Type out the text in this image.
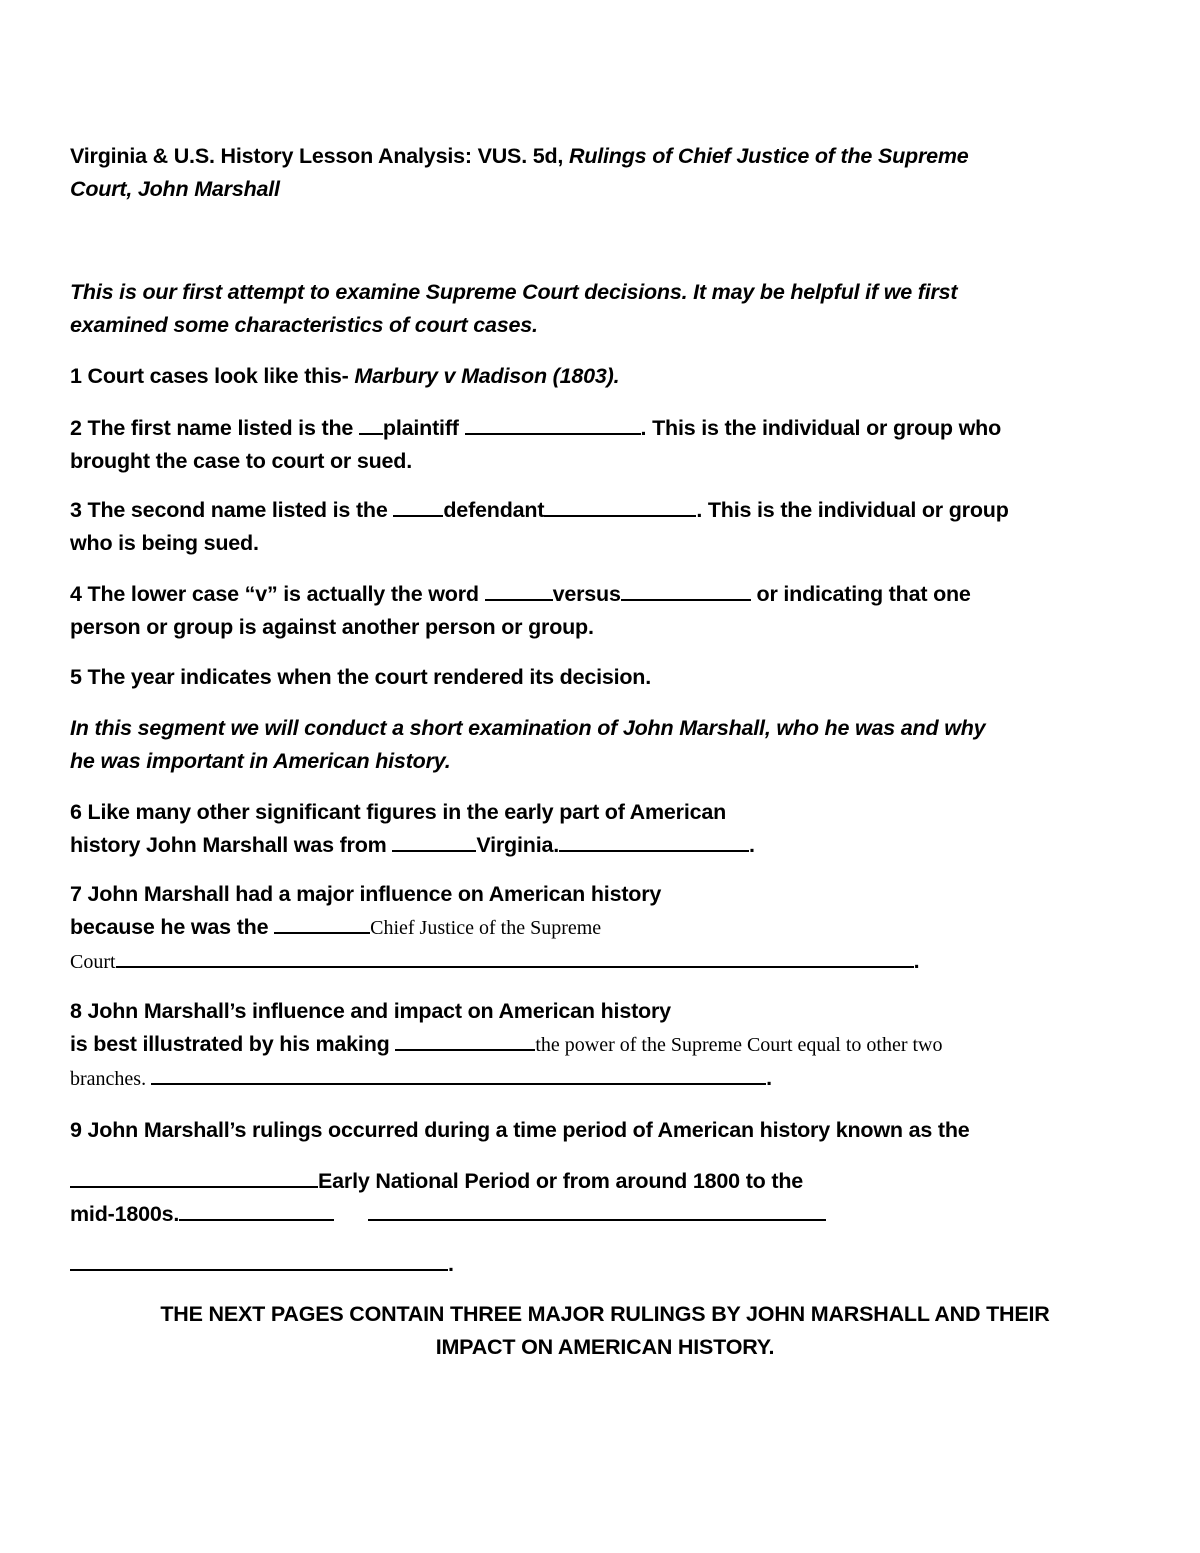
Virginia & U.S. History Lesson Analysis: VUS. 5d, Rulings of Chief Justice of the Supreme
Court, John Marshall
This is our first attempt to examine Supreme Court decisions. It may be helpful if we first
examined some characteristics of court cases.
1 Court cases look like this- Marbury v Madison (1803).
2 The first name listed is the plaintiff	. This is the individual or group who
brought the case to court or sued.
3 The second name listed is the defendant	. This is the individual or group
who is being sued.
4 The lower case “v” is actually the word	versus	or indicating that one
person or group is against another person or group.
5 The year indicates when the court rendered its decision.
In this segment we will conduct a short examination of John Marshall, who he was and why
he was important in American history.
6 Like many other significant figures in the early part of American
history John Marshall was from	Virginia.	.
7 John Marshall had a major influence on American history
because he was the	Chief Justice of the Supreme
Court	.
8 John Marshall’s influence and impact on American history
is best illustrated by his making	the power of the Supreme Court equal to other two
branches.	.
9 John Marshall’s rulings occurred during a time period of American history known as the
Early National Period or from around 1800 to the
mid-1800s.
.
THE NEXT PAGES CONTAIN THREE MAJOR RULINGS BY JOHN MARSHALL AND THEIR
IMPACT ON AMERICAN HISTORY.
